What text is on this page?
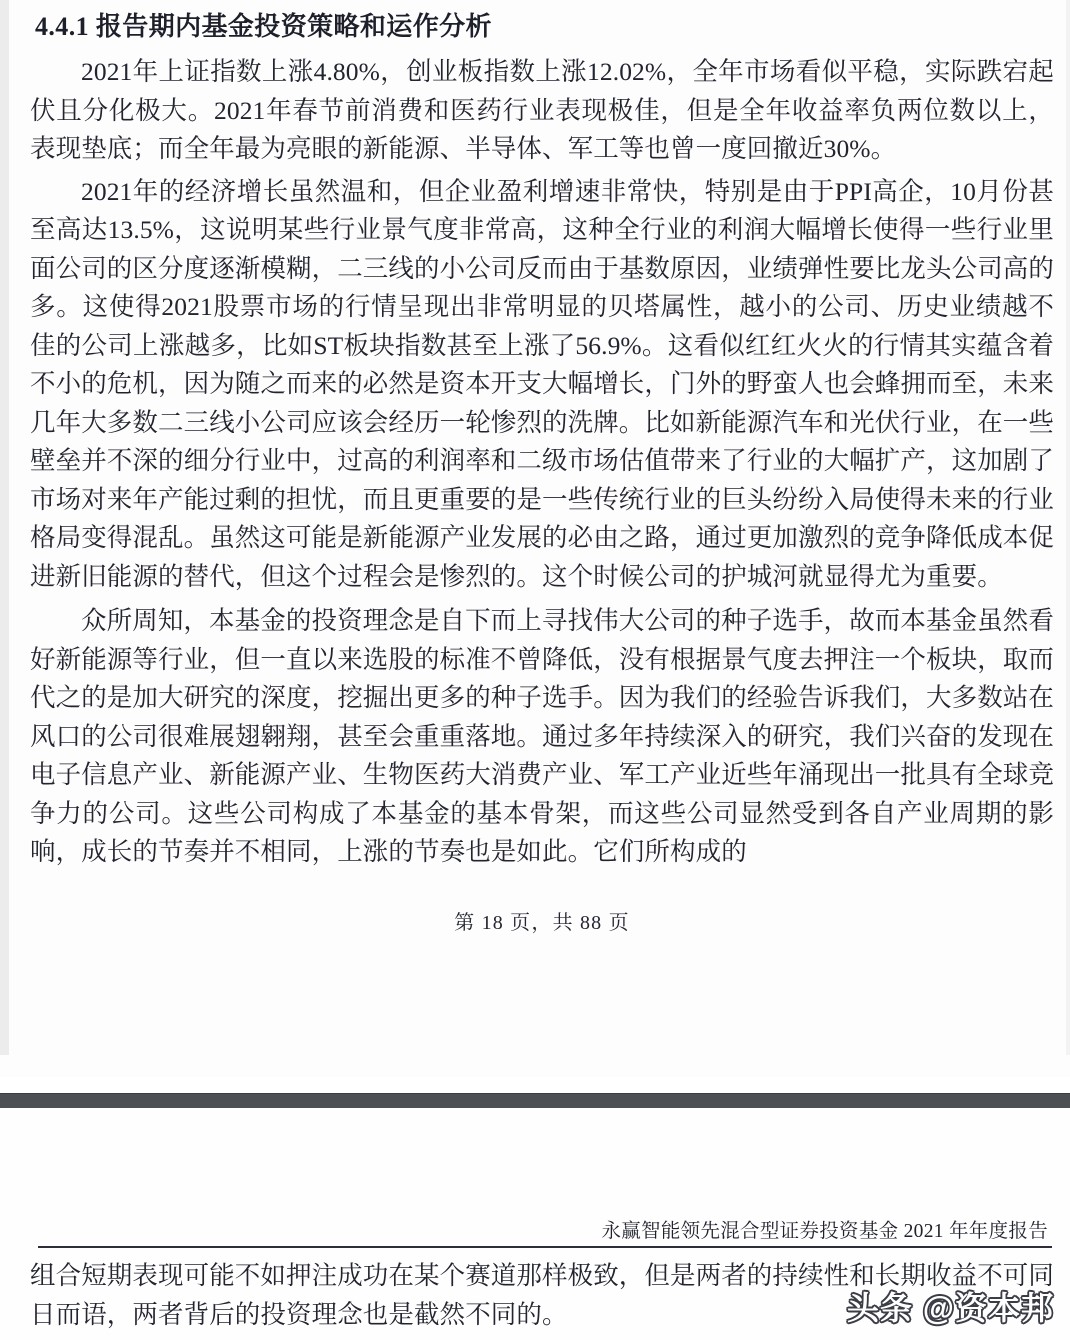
4.4.1 报告期内基金投资策略和运作分析

2021年上证指数上涨4.80%，创业板指数上涨12.02%，全年市场看似平稳，实际跌宕起伏且分化极大。2021年春节前消费和医药行业表现极佳，但是全年收益率负两位数以上，表现垫底；而全年最为亮眼的新能源、半导体、军工等也曾一度回撤近30%。

2021年的经济增长虽然温和，但企业盈利增速非常快，特别是由于PPI高企，10月份甚至高达13.5%，这说明某些行业景气度非常高，这种全行业的利润大幅增长使得一些行业里面公司的区分度逐渐模糊，二三线的小公司反而由于基数原因，业绩弹性要比龙头公司高的多。这使得2021股票市场的行情呈现出非常明显的贝塔属性，越小的公司、历史业绩越不佳的公司上涨越多，比如ST板块指数甚至上涨了56.9%。这看似红红火火的行情其实蕴含着不小的危机，因为随之而来的必然是资本开支大幅增长，门外的野蛮人也会蜂拥而至，未来几年大多数二三线小公司应该会经历一轮惨烈的洗牌。比如新能源汽车和光伏行业，在一些壁垒并不深的细分行业中，过高的利润率和二级市场估值带来了行业的大幅扩产，这加剧了市场对来年产能过剩的担忧，而且更重要的是一些传统行业的巨头纷纷入局使得未来的行业格局变得混乱。虽然这可能是新能源产业发展的必由之路，通过更加激烈的竞争降低成本促进新旧能源的替代，但这个过程会是惨烈的。这个时候公司的护城河就显得尤为重要。

众所周知，本基金的投资理念是自下而上寻找伟大公司的种子选手，故而本基金虽然看好新能源等行业，但一直以来选股的标准不曾降低，没有根据景气度去押注一个板块，取而代之的是加大研究的深度，挖掘出更多的种子选手。因为我们的经验告诉我们，大多数站在风口的公司很难展翅翱翔，甚至会重重落地。通过多年持续深入的研究，我们兴奋的发现在电子信息产业、新能源产业、生物医药大消费产业、军工产业近些年涌现出一批具有全球竞争力的公司。这些公司构成了本基金的基本骨架，而这些公司显然受到各自产业周期的影响，成长的节奏并不相同，上涨的节奏也是如此。它们所构成的

第 18 页，共 88 页
永赢智能领先混合型证券投资基金 2021 年年度报告

组合短期表现可能不如押注成功在某个赛道那样极致，但是两者的持续性和长期收益不可同日而语，两者背后的投资理念也是截然不同的。	头条 @资本邦
